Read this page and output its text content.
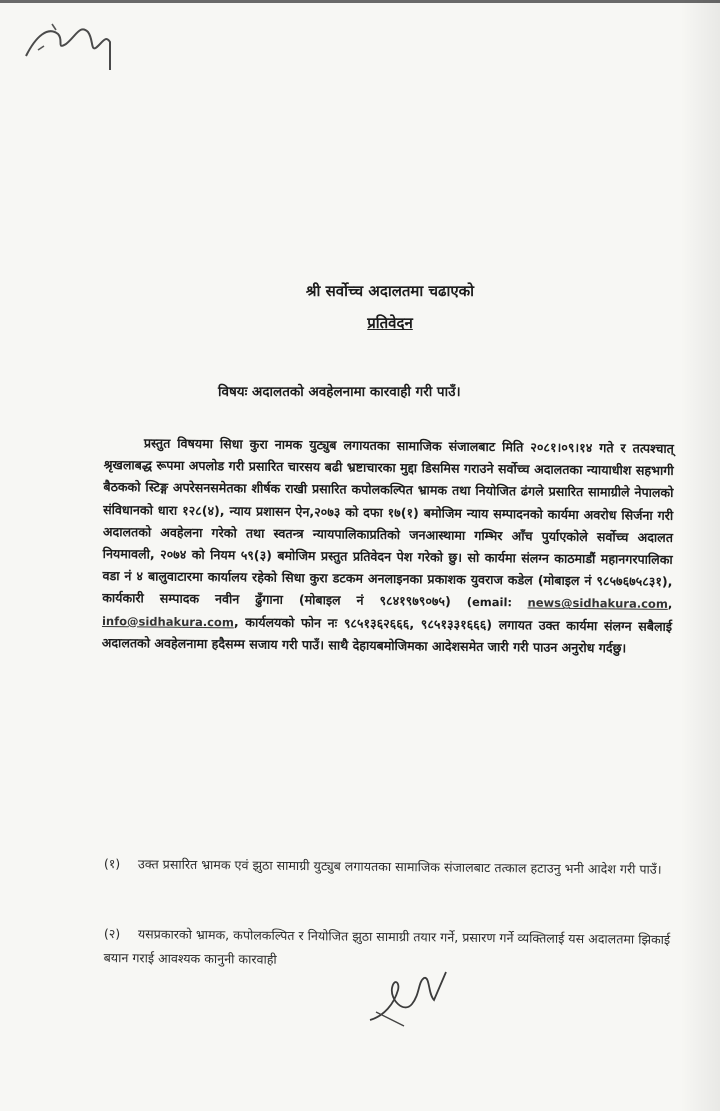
श्री सर्वोच्च अदालतमा चढाएको
प्रतिवेदन
विषयः अदालतको अवहेलनामा कारवाही गरी पाउँ।

प्रस्तुत विषयमा सिधा कुरा नामक युट्युब लगायतका सामाजिक संजालबाट मिति २०८१।०९।१४ गते र तत्पश्चात् श्रृखलाबद्ध रूपमा अपलोड गरी प्रसारित चारसय बढी भ्रष्टाचारका मुद्दा डिसमिस गराउने सर्वोच्च अदालतका न्यायाधीश सहभागी बैठकको स्टिङ्ग अपरेसनसमेतका शीर्षक राखी प्रसारित कपोलकल्पित भ्रामक तथा नियोजित ढंगले प्रसारित सामाग्रीले नेपालको संविधानको धारा १२८(४), न्याय प्रशासन ऐन,२०७३ को दफा १७(१) बमोजिम न्याय सम्पादनको कार्यमा अवरोध सिर्जना गरी अदालतको अवहेलना गरेको तथा स्वतन्त्र न्यायपालिकाप्रतिको जनआस्थामा गम्भिर आँच पुर्याएकोले सर्वोच्च अदालत नियमावली, २०७४ को नियम ५९(३) बमोजिम प्रस्तुत प्रतिवेदन पेश गरेको छु। सो कार्यमा संलग्न काठमाडौं महानगरपालिका वडा नं ४ बालुवाटारमा कार्यालय रहेको सिधा कुरा डटकम अनलाइनका प्रकाशक युवराज कडेल (मोबाइल नं ९८५७६७५८३१), कार्यकारी सम्पादक नवीन ढुँगाना (मोबाइल नं ९८४१९७९०७५) (email: news@sidhakura.com, info@sidhakura.com, कार्यलयको फोन नः ९८५१३६२६६६, ९८५१३३१६६६) लगायत उक्त कार्यमा संलग्न सबैलाई अदालतको अवहेलनामा हदैसम्म सजाय गरी पाउँ। साथै देहायबमोजिमका आदेशसमेत जारी गरी पाउन अनुरोध गर्दछु।

(१) उक्त प्रसारित भ्रामक एवं झुठा सामाग्री युट्युब लगायतका सामाजिक संजालबाट तत्काल हटाउनु भनी आदेश गरी पाउँ।
(२) यसप्रकारको भ्रामक, कपोलकल्पित र नियोजित झुठा सामाग्री तयार गर्ने, प्रसारण गर्ने व्यक्तिलाई यस अदालतमा झिकाई बयान गराई आवश्यक कानुनी कारवाही
